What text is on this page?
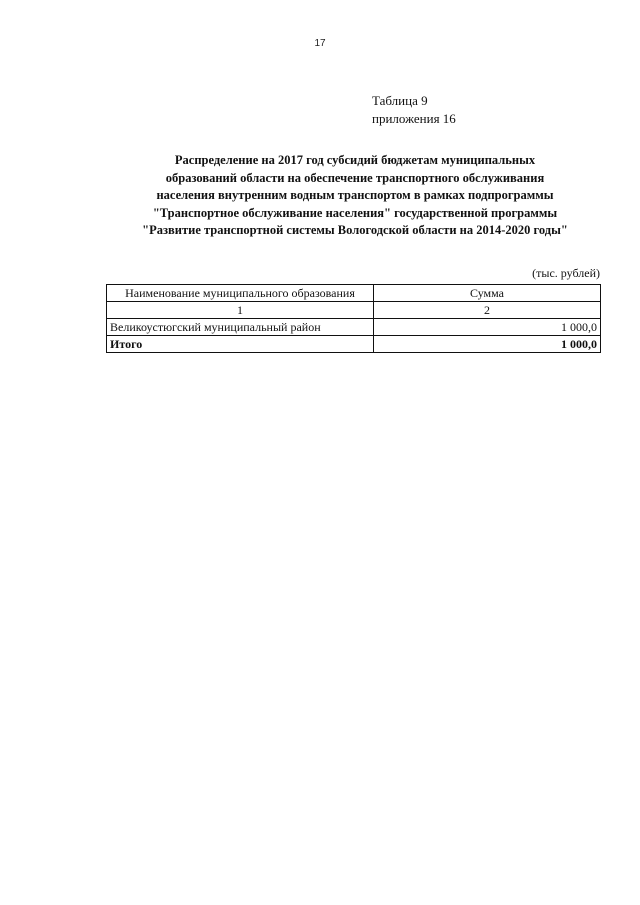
17
Таблица 9
приложения 16
Распределение на 2017 год субсидий бюджетам муниципальных
образований области на обеспечение транспортного обслуживания
населения внутренним водным транспортом в рамках подпрограммы
"Транспортное обслуживание населения" государственной программы
"Развитие транспортной системы Вологодской области на 2014-2020 годы"
(тыс. рублей)
Наименование муниципального образования	Сумма
1	2
Великоустюгский муниципальный район	1 000,0
Итого	1 000,0
